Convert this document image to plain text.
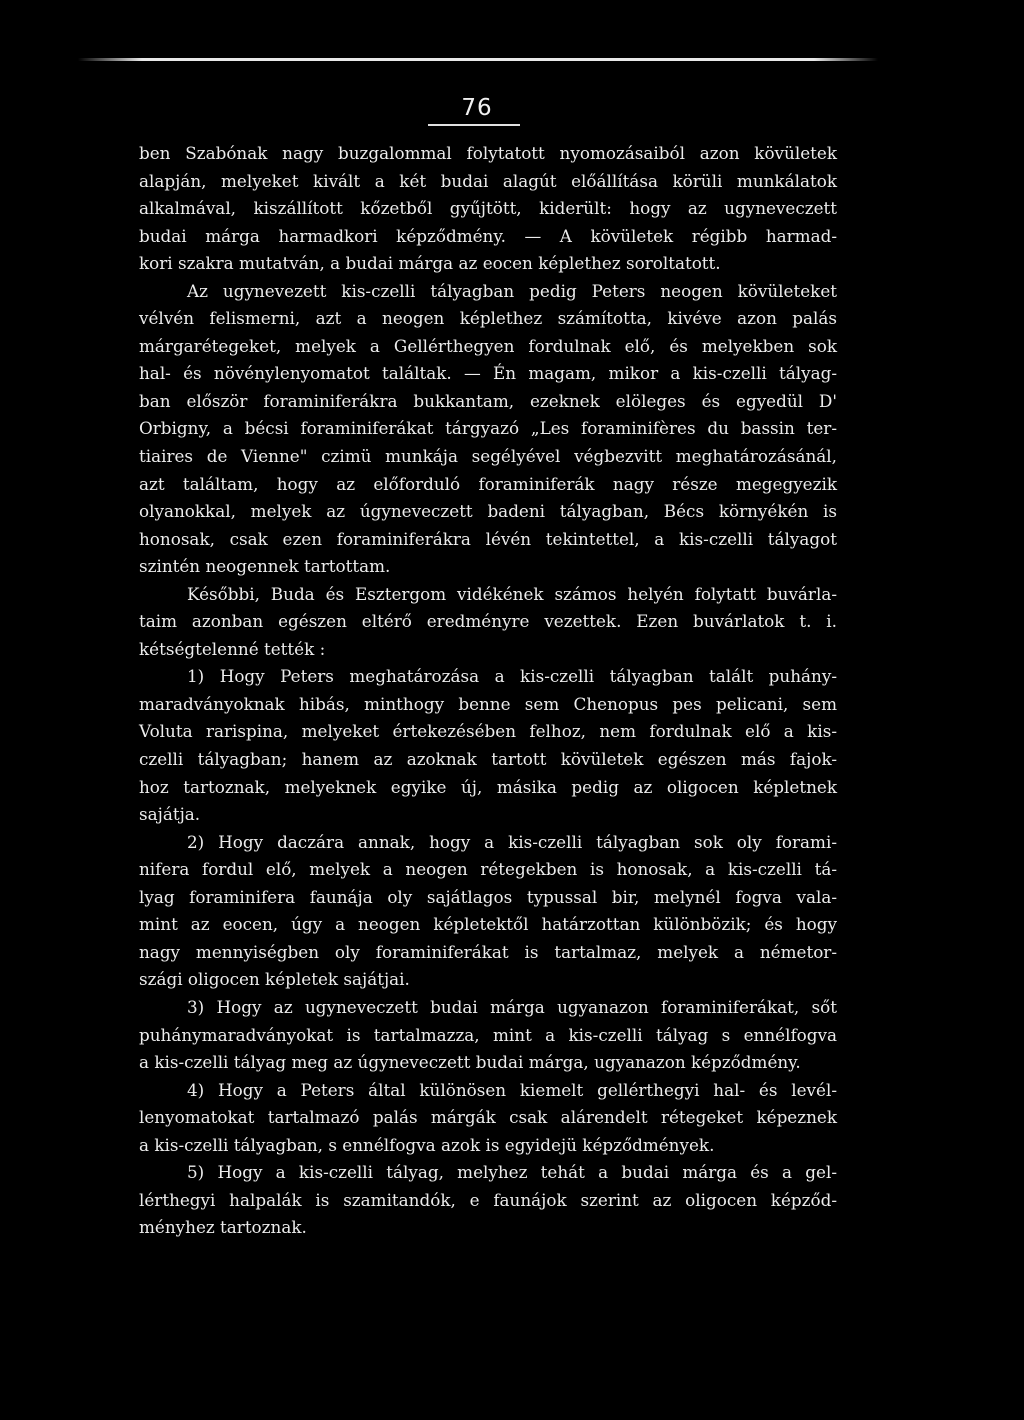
76
ben Szabónak nagy buzgalommal folytatott nyomozásaiból azon kövületek
alapján, melyeket kivált a két budai alagút előállítása körüli munkálatok
alkalmával, kiszállított kőzetből gyűjtött, kiderült: hogy az ugyneveczett
budai márga harmadkori képződmény. — A kövületek régibb harmad-
kori szakra mutatván, a budai márga az eocen képlethez soroltatott.
Az ugynevezett kis-czelli tályagban pedig Peters neogen kövületeket
vélvén felismerni, azt a neogen képlethez számította, kivéve azon palás
márgarétegeket, melyek a Gellérthegyen fordulnak elő, és melyekben sok
hal- és növénylenyomatot találtak. — Én magam, mikor a kis-czelli tályag-
ban először foraminiferákra bukkantam, ezeknek elöleges és egyedül D'
Orbigny, a bécsi foraminiferákat tárgyazó „Les foraminifères du bassin ter-
tiaires de Vienne" czimü munkája segélyével végbezvitt meghatározásánál,
azt találtam, hogy az előforduló foraminiferák nagy része megegyezik
olyanokkal, melyek az úgyneveczett badeni tályagban, Bécs környékén is
honosak, csak ezen foraminiferákra lévén tekintettel, a kis-czelli tályagot
szintén neogennek tartottam.
Későbbi, Buda és Esztergom vidékének számos helyén folytatt buvárla-
taim azonban egészen eltérő eredményre vezettek. Ezen buvárlatok t. i.
kétségtelenné tették :
1) Hogy Peters meghatározása a kis-czelli tályagban talált puhány-
maradványoknak hibás, minthogy benne sem Chenopus pes pelicani, sem
Voluta rarispina, melyeket értekezésében felhoz, nem fordulnak elő a kis-
czelli tályagban; hanem az azoknak tartott kövületek egészen más fajok-
hoz tartoznak, melyeknek egyike új, másika pedig az oligocen képletnek
sajátja.
2) Hogy daczára annak, hogy a kis-czelli tályagban sok oly forami-
nifera fordul elő, melyek a neogen rétegekben is honosak, a kis-czelli tá-
lyag foraminifera faunája oly sajátlagos typussal bir, melynél fogva vala-
mint az eocen, úgy a neogen képletektől határzottan különbözik; és hogy
nagy mennyiségben oly foraminiferákat is tartalmaz, melyek a németor-
szági oligocen képletek sajátjai.
3) Hogy az ugyneveczett budai márga ugyanazon foraminiferákat, sőt
puhánymaradványokat is tartalmazza, mint a kis-czelli tályag s ennélfogva
a kis-czelli tályag meg az úgyneveczett budai márga, ugyanazon képződmény.
4) Hogy a Peters által különösen kiemelt gellérthegyi hal- és levél-
lenyomatokat tartalmazó palás márgák csak alárendelt rétegeket képeznek
a kis-czelli tályagban, s ennélfogva azok is egyidejü képződmények.
5) Hogy a kis-czelli tályag, melyhez tehát a budai márga és a gel-
lérthegyi halpalák is szamitandók, e faunájok szerint az oligocen képződ-
ményhez tartoznak.
